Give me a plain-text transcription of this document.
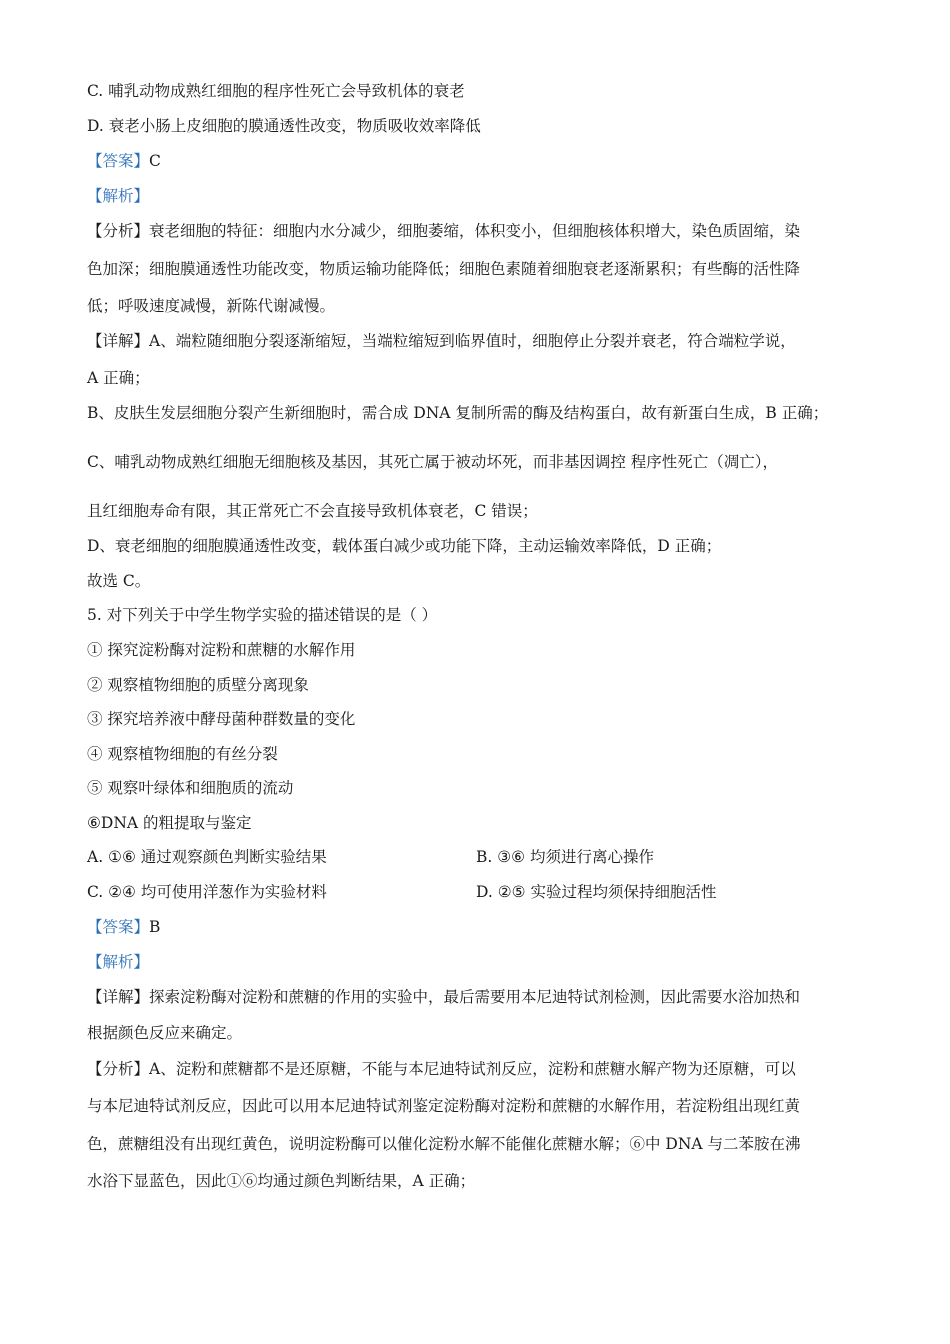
C. 哺乳动物成熟红细胞的程序性死亡会导致机体的衰老
D. 衰老小肠上皮细胞的膜通透性改变，物质吸收效率降低
【答案】C
【解析】
【分析】衰老细胞的特征：细胞内水分减少，细胞萎缩，体积变小，但细胞核体积增大，染色质固缩，染
色加深；细胞膜通透性功能改变，物质运输功能降低；细胞色素随着细胞衰老逐渐累积；有些酶的活性降
低；呼吸速度减慢，新陈代谢减慢。
【详解】A、端粒随细胞分裂逐渐缩短，当端粒缩短到临界值时，细胞停止分裂并衰老，符合端粒学说，
A 正确；
B、皮肤生发层细胞分裂产生新细胞时，需合成 DNA 复制所需的酶及结构蛋白，故有新蛋白生成，B 正确；
C、哺乳动物成熟红细胞无细胞核及基因，其死亡属于被动坏死，而非基因调控 程序性死亡（凋亡），
且红细胞寿命有限，其正常死亡不会直接导致机体衰老，C 错误；
D、衰老细胞的细胞膜通透性改变，载体蛋白减少或功能下降，主动运输效率降低，D 正确；
故选 C。
5. 对下列关于中学生物学实验的描述错误的是（ ）
① 探究淀粉酶对淀粉和蔗糖的水解作用
② 观察植物细胞的质壁分离现象
③ 探究培养液中酵母菌种群数量的变化
④ 观察植物细胞的有丝分裂
⑤ 观察叶绿体和细胞质的流动
⑥DNA 的粗提取与鉴定
A. ①⑥ 通过观察颜色判断实验结果	B. ③⑥ 均须进行离心操作
C. ②④ 均可使用洋葱作为实验材料	D. ②⑤ 实验过程均须保持细胞活性
【答案】B
【解析】
【详解】探索淀粉酶对淀粉和蔗糖的作用的实验中，最后需要用本尼迪特试剂检测，因此需要水浴加热和
根据颜色反应来确定。
【分析】A、淀粉和蔗糖都不是还原糖，不能与本尼迪特试剂反应，淀粉和蔗糖水解产物为还原糖，可以
与本尼迪特试剂反应，因此可以用本尼迪特试剂鉴定淀粉酶对淀粉和蔗糖的水解作用，若淀粉组出现红黄
色，蔗糖组没有出现红黄色，说明淀粉酶可以催化淀粉水解不能催化蔗糖水解；⑥中 DNA 与二苯胺在沸
水浴下显蓝色，因此①⑥均通过颜色判断结果，A 正确；
